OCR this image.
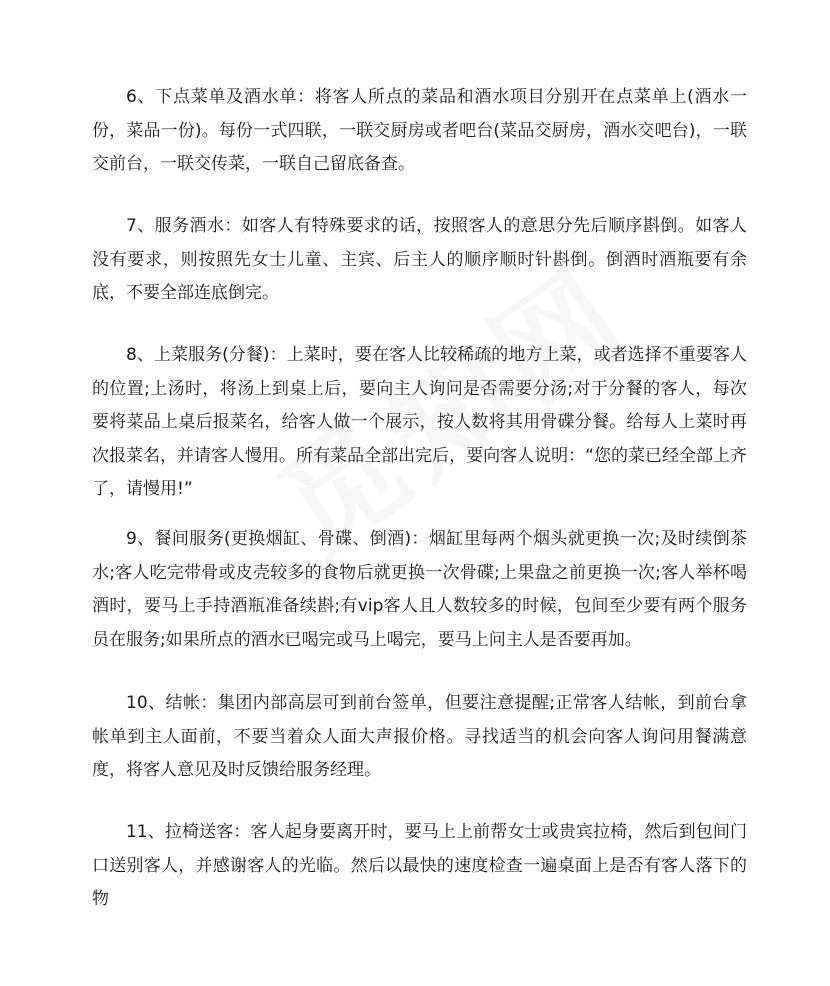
6、下点菜单及酒水单：将客人所点的菜品和酒水项目分别开在点菜单上(酒水一份，菜品一份)。每份一式四联，一联交厨房或者吧台(菜品交厨房，酒水交吧台)，一联交前台，一联交传菜，一联自己留底备查。

7、服务酒水：如客人有特殊要求的话，按照客人的意思分先后顺序斟倒。如客人没有要求，则按照先女士儿童、主宾、后主人的顺序顺时针斟倒。倒酒时酒瓶要有余底，不要全部连底倒完。

8、上菜服务(分餐)：上菜时，要在客人比较稀疏的地方上菜，或者选择不重要客人的位置;上汤时，将汤上到桌上后，要向主人询问是否需要分汤;对于分餐的客人，每次要将菜品上桌后报菜名，给客人做一个展示，按人数将其用骨碟分餐。给每人上菜时再次报菜名，并请客人慢用。所有菜品全部出完后，要向客人说明：“您的菜已经全部上齐了，请慢用!”

9、餐间服务(更换烟缸、骨碟、倒酒)：烟缸里每两个烟头就更换一次;及时续倒茶水;客人吃完带骨或皮壳较多的食物后就更换一次骨碟;上果盘之前更换一次;客人举杯喝酒时，要马上手持酒瓶准备续斟;有vip客人且人数较多的时候，包间至少要有两个服务员在服务;如果所点的酒水已喝完或马上喝完，要马上问主人是否要再加。

10、结帐：集团内部高层可到前台签单，但要注意提醒;正常客人结帐，到前台拿帐单到主人面前，不要当着众人面大声报价格。寻找适当的机会向客人询问用餐满意度，将客人意见及时反馈给服务经理。

11、拉椅送客：客人起身要离开时，要马上上前帮女士或贵宾拉椅，然后到包间门口送别客人，并感谢客人的光临。然后以最快的速度检查一遍桌面上是否有客人落下的物
